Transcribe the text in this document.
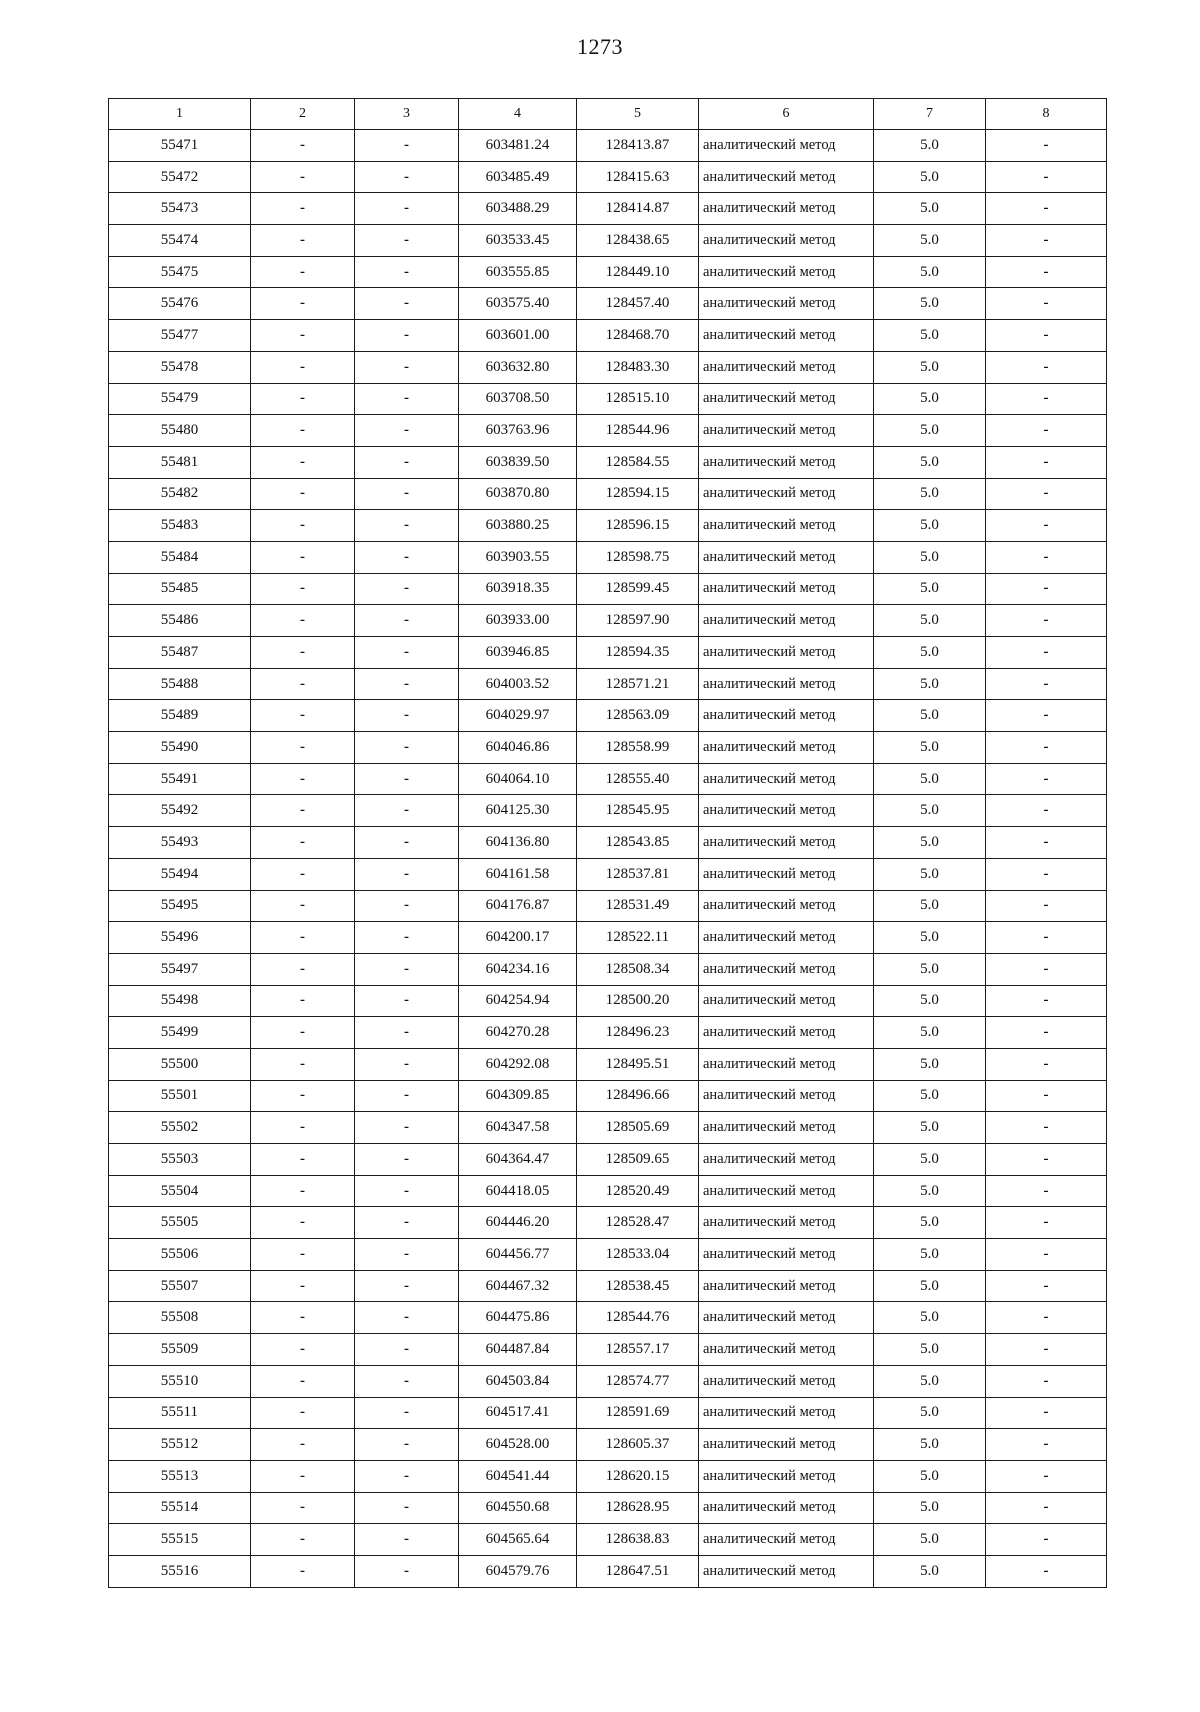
1273
1	2	3	4	5	6	7	8
55471	-	-	603481.24	128413.87	аналитический метод	5.0	-
55472	-	-	603485.49	128415.63	аналитический метод	5.0	-
55473	-	-	603488.29	128414.87	аналитический метод	5.0	-
55474	-	-	603533.45	128438.65	аналитический метод	5.0	-
55475	-	-	603555.85	128449.10	аналитический метод	5.0	-
55476	-	-	603575.40	128457.40	аналитический метод	5.0	-
55477	-	-	603601.00	128468.70	аналитический метод	5.0	-
55478	-	-	603632.80	128483.30	аналитический метод	5.0	-
55479	-	-	603708.50	128515.10	аналитический метод	5.0	-
55480	-	-	603763.96	128544.96	аналитический метод	5.0	-
55481	-	-	603839.50	128584.55	аналитический метод	5.0	-
55482	-	-	603870.80	128594.15	аналитический метод	5.0	-
55483	-	-	603880.25	128596.15	аналитический метод	5.0	-
55484	-	-	603903.55	128598.75	аналитический метод	5.0	-
55485	-	-	603918.35	128599.45	аналитический метод	5.0	-
55486	-	-	603933.00	128597.90	аналитический метод	5.0	-
55487	-	-	603946.85	128594.35	аналитический метод	5.0	-
55488	-	-	604003.52	128571.21	аналитический метод	5.0	-
55489	-	-	604029.97	128563.09	аналитический метод	5.0	-
55490	-	-	604046.86	128558.99	аналитический метод	5.0	-
55491	-	-	604064.10	128555.40	аналитический метод	5.0	-
55492	-	-	604125.30	128545.95	аналитический метод	5.0	-
55493	-	-	604136.80	128543.85	аналитический метод	5.0	-
55494	-	-	604161.58	128537.81	аналитический метод	5.0	-
55495	-	-	604176.87	128531.49	аналитический метод	5.0	-
55496	-	-	604200.17	128522.11	аналитический метод	5.0	-
55497	-	-	604234.16	128508.34	аналитический метод	5.0	-
55498	-	-	604254.94	128500.20	аналитический метод	5.0	-
55499	-	-	604270.28	128496.23	аналитический метод	5.0	-
55500	-	-	604292.08	128495.51	аналитический метод	5.0	-
55501	-	-	604309.85	128496.66	аналитический метод	5.0	-
55502	-	-	604347.58	128505.69	аналитический метод	5.0	-
55503	-	-	604364.47	128509.65	аналитический метод	5.0	-
55504	-	-	604418.05	128520.49	аналитический метод	5.0	-
55505	-	-	604446.20	128528.47	аналитический метод	5.0	-
55506	-	-	604456.77	128533.04	аналитический метод	5.0	-
55507	-	-	604467.32	128538.45	аналитический метод	5.0	-
55508	-	-	604475.86	128544.76	аналитический метод	5.0	-
55509	-	-	604487.84	128557.17	аналитический метод	5.0	-
55510	-	-	604503.84	128574.77	аналитический метод	5.0	-
55511	-	-	604517.41	128591.69	аналитический метод	5.0	-
55512	-	-	604528.00	128605.37	аналитический метод	5.0	-
55513	-	-	604541.44	128620.15	аналитический метод	5.0	-
55514	-	-	604550.68	128628.95	аналитический метод	5.0	-
55515	-	-	604565.64	128638.83	аналитический метод	5.0	-
55516	-	-	604579.76	128647.51	аналитический метод	5.0	-
